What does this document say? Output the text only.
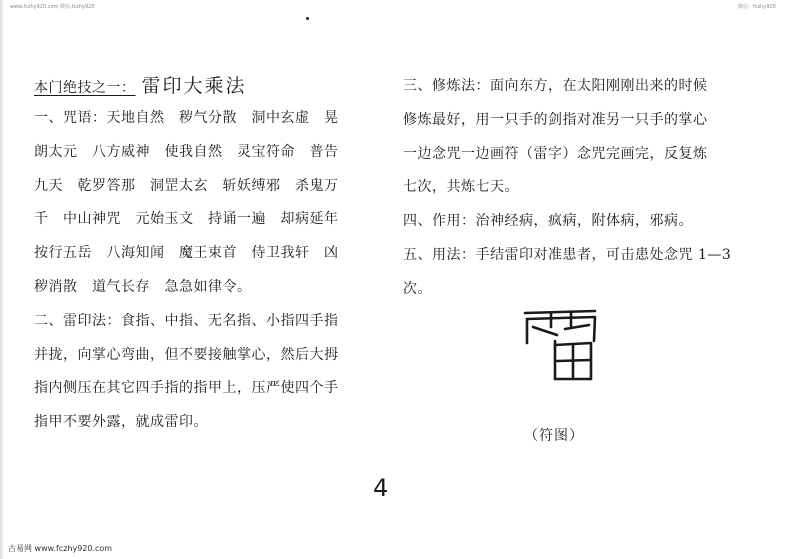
www.fczhy920.com 微信:fczhy920	微信：fczhy920
本门绝技之一： 雷印大乘法
一、咒语：天地自然　秽气分散　洞中玄虚　晃
朗太元　八方威神　使我自然　灵宝符命　普告
九天　乾罗答那　洞罡太玄　斩妖缚邪　杀鬼万
千　中山神咒　元始玉文　持诵一遍　却病延年
按行五岳　八海知闻　魔王束首　侍卫我轩　凶
秽消散　道气长存　急急如律令。
二、雷印法：食指、中指、无名指、小指四手指
并拢，向掌心弯曲，但不要接触掌心，然后大拇
指内侧压在其它四手指的指甲上，压严使四个手
指甲不要外露，就成雷印。
三、修炼法：面向东方，在太阳刚刚出来的时候
修炼最好，用一只手的剑指对准另一只手的掌心
一边念咒一边画符（雷字）念咒完画完，反复炼
七次，共炼七天。
四、作用：治神经病，疯病，附体病，邪病。
五、用法：手结雷印对准患者，可击患处念咒 1—3
次。
（符图）
4
古易网 www.fczhy920.com
